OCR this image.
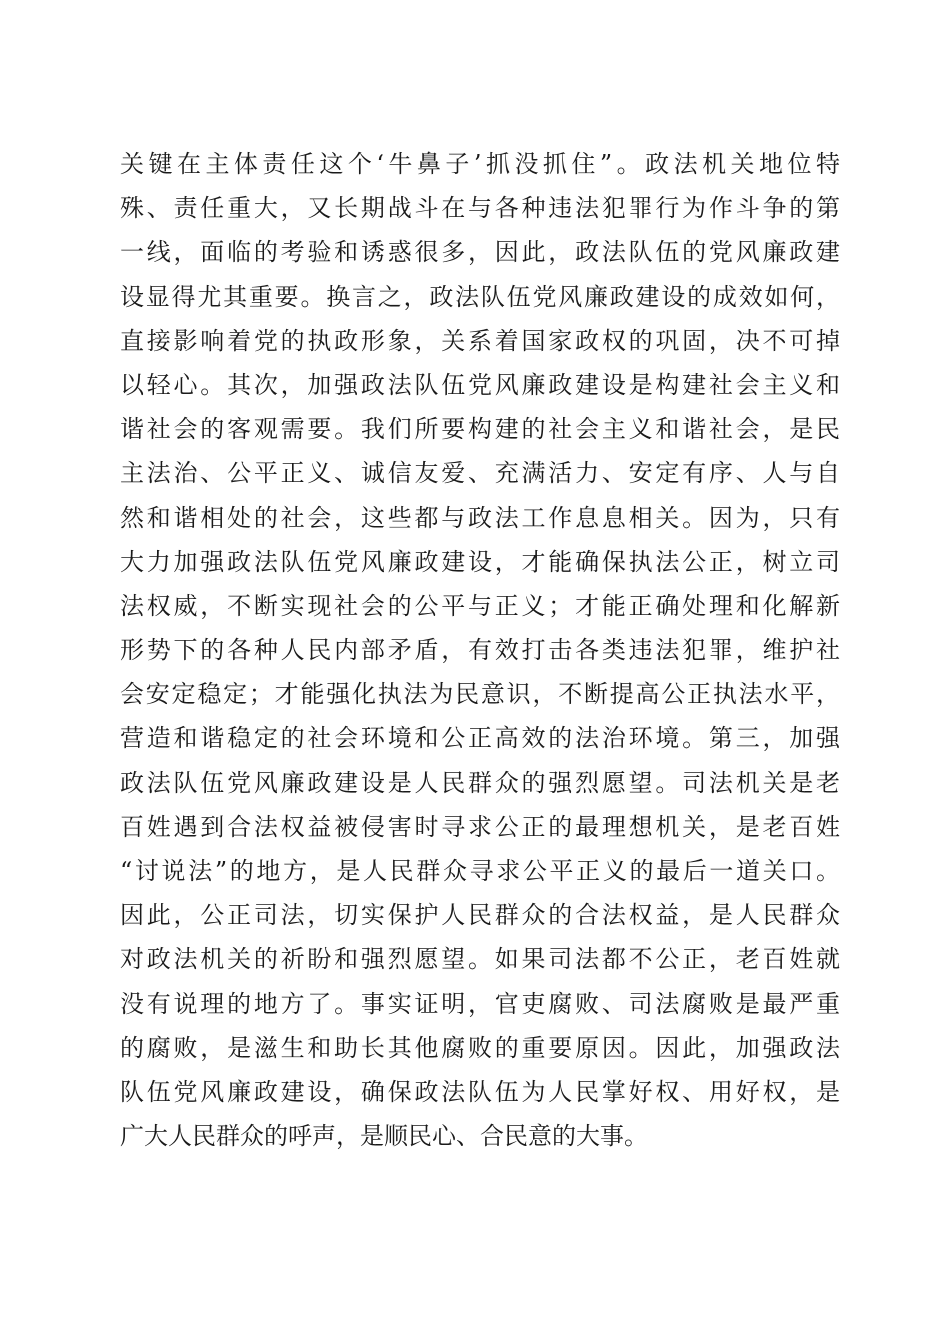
关键在主体责任这个‘牛鼻子’抓没抓住”。政法机关地位特
殊、责任重大，又长期战斗在与各种违法犯罪行为作斗争的第
一线，面临的考验和诱惑很多，因此，政法队伍的党风廉政建
设显得尤其重要。换言之，政法队伍党风廉政建设的成效如何，
直接影响着党的执政形象，关系着国家政权的巩固，决不可掉
以轻心。其次，加强政法队伍党风廉政建设是构建社会主义和
谐社会的客观需要。我们所要构建的社会主义和谐社会，是民
主法治、公平正义、诚信友爱、充满活力、安定有序、人与自
然和谐相处的社会，这些都与政法工作息息相关。因为，只有
大力加强政法队伍党风廉政建设，才能确保执法公正，树立司
法权威，不断实现社会的公平与正义；才能正确处理和化解新
形势下的各种人民内部矛盾，有效打击各类违法犯罪，维护社
会安定稳定；才能强化执法为民意识，不断提高公正执法水平，
营造和谐稳定的社会环境和公正高效的法治环境。第三，加强
政法队伍党风廉政建设是人民群众的强烈愿望。司法机关是老
百姓遇到合法权益被侵害时寻求公正的最理想机关，是老百姓
“讨说法”的地方，是人民群众寻求公平正义的最后一道关口。
因此，公正司法，切实保护人民群众的合法权益，是人民群众
对政法机关的祈盼和强烈愿望。如果司法都不公正，老百姓就
没有说理的地方了。事实证明，官吏腐败、司法腐败是最严重
的腐败，是滋生和助长其他腐败的重要原因。因此，加强政法
队伍党风廉政建设，确保政法队伍为人民掌好权、用好权，是
广大人民群众的呼声，是顺民心、合民意的大事。
